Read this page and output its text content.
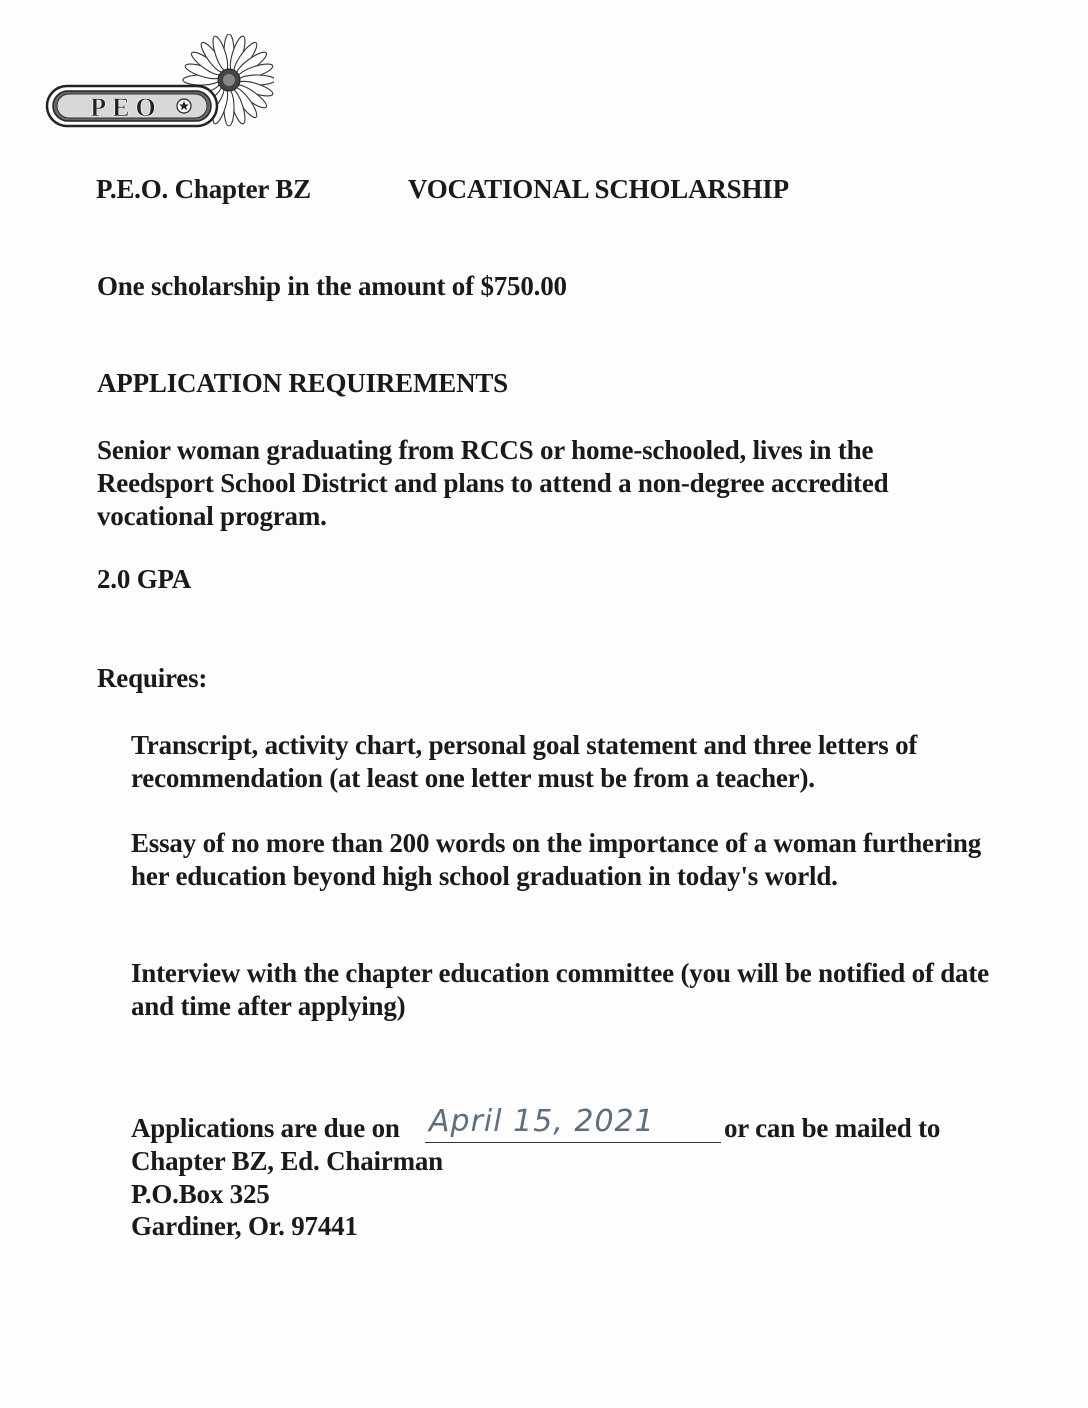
PEO
P.E.O. Chapter BZ	VOCATIONAL SCHOLARSHIP
One scholarship in the amount of $750.00
APPLICATION REQUIREMENTS
Senior woman graduating from RCCS or home-schooled, lives in the Reedsport School District and plans to attend a non-degree accredited vocational program.
2.0 GPA
Requires:
Transcript, activity chart, personal goal statement and three letters of recommendation (at least one letter must be from a teacher).
Essay of no more than 200 words on the importance of a woman furthering her education beyond high school graduation in today's world.
Interview with the chapter education committee (you will be notified of date and time after applying)
Applications are due on April 15, 2021	or can be mailed to
Chapter BZ, Ed. Chairman
P.O.Box 325
Gardiner, Or. 97441
